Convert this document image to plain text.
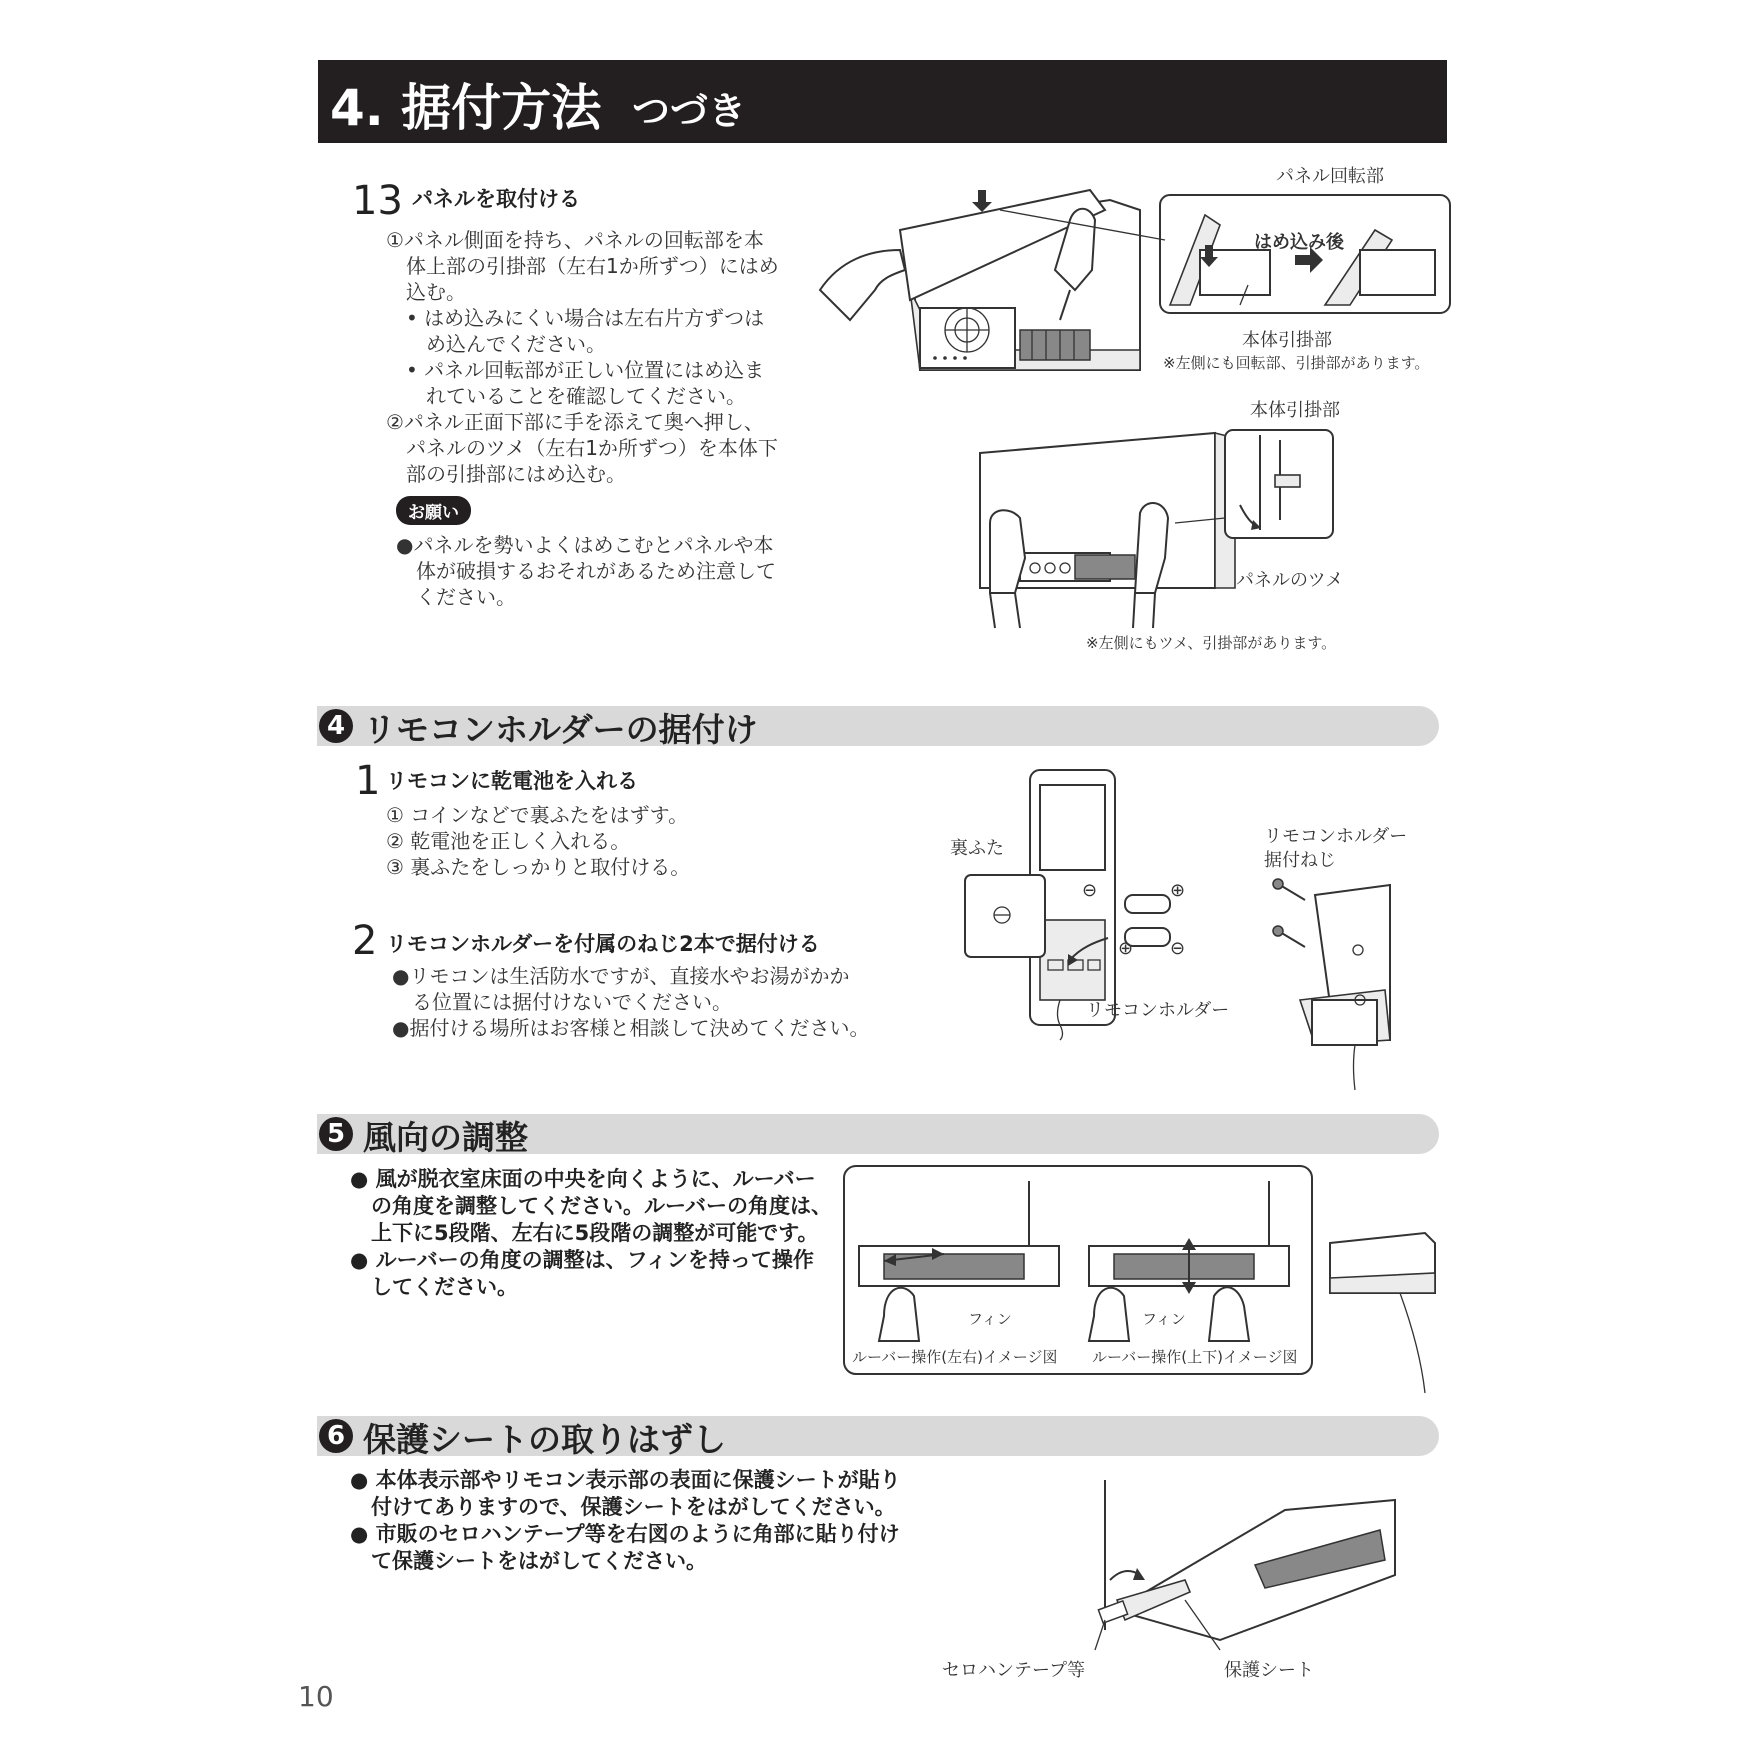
4. 据付方法 つづき
13 パネルを取付ける
①パネル側面を持ち、パネルの回転部を本
　体上部の引掛部（左右1か所ずつ）にはめ
　込む。
　• はめ込みにくい場合は左右片方ずつは
　　め込んでください。
　• パネル回転部が正しい位置にはめ込ま
　　れていることを確認してください。
②パネル正面下部に手を添えて奥へ押し、
　パネルのツメ（左右1か所ずつ）を本体下
　部の引掛部にはめ込む。
お願い
●パネルを勢いよくはめこむとパネルや本
　体が破損するおそれがあるため注意して
　ください。
パネル回転部
はめ込み後
本体引掛部
※左側にも回転部、引掛部があります。
本体引掛部
パネルのツメ
※左側にもツメ、引掛部があります。
4 リモコンホルダーの据付け
1 リモコンに乾電池を入れる
① コインなどで裏ふたをはずす。
② 乾電池を正しく入れる。
③ 裏ふたをしっかりと取付ける。
2 リモコンホルダーを付属のねじ2本で据付ける
●リモコンは生活防水ですが、直接水やお湯がかか
　る位置には据付けないでください。
●据付ける場所はお客様と相談して決めてください。
⊖	⊕
⊕ ⊖
裏ふた
リモコンホルダー
据付ねじ
リモコンホルダー
5 風向の調整
● 風が脱衣室床面の中央を向くように、ルーバー
　の角度を調整してください。ルーバーの角度は、
　上下に5段階、左右に5段階の調整が可能です。
● ルーバーの角度の調整は、フィンを持って操作
　してください。
フィン	フィン
ルーバー操作(左右)イメージ図 ルーバー操作(上下)イメージ図
6 保護シートの取りはずし
● 本体表示部やリモコン表示部の表面に保護シートが貼り
　付けてありますので、保護シートをはがしてください。
● 市販のセロハンテープ等を右図のように角部に貼り付け
　て保護シートをはがしてください。
セロハンテープ等	保護シート
10
